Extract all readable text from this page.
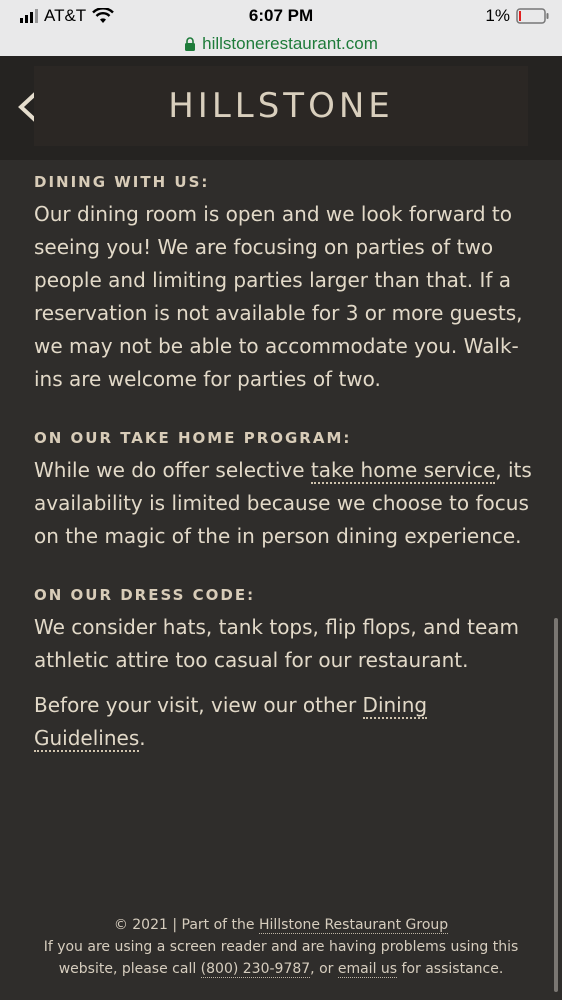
AT&T	6:07 PM	1%
hillstonerestaurant.com
HILLSTONE
DINING WITH US:

Our dining room is open and we look forward to seeing you! We are focusing on parties of two people and limiting parties larger than that. If a reservation is not available for 3 or more guests, we may not be able to accommodate you. Walk-ins are welcome for parties of two.

ON OUR TAKE HOME PROGRAM:

While we do offer selective take home service, its availability is limited because we choose to focus on the magic of the in person dining experience.

ON OUR DRESS CODE:

We consider hats, tank tops, flip flops, and team athletic attire too casual for our restaurant.

Before your visit, view our other Dining Guidelines.

© 2021 | Part of the Hillstone Restaurant Group
If you are using a screen reader and are having problems using this website, please call (800) 230-9787, or email us for assistance.
